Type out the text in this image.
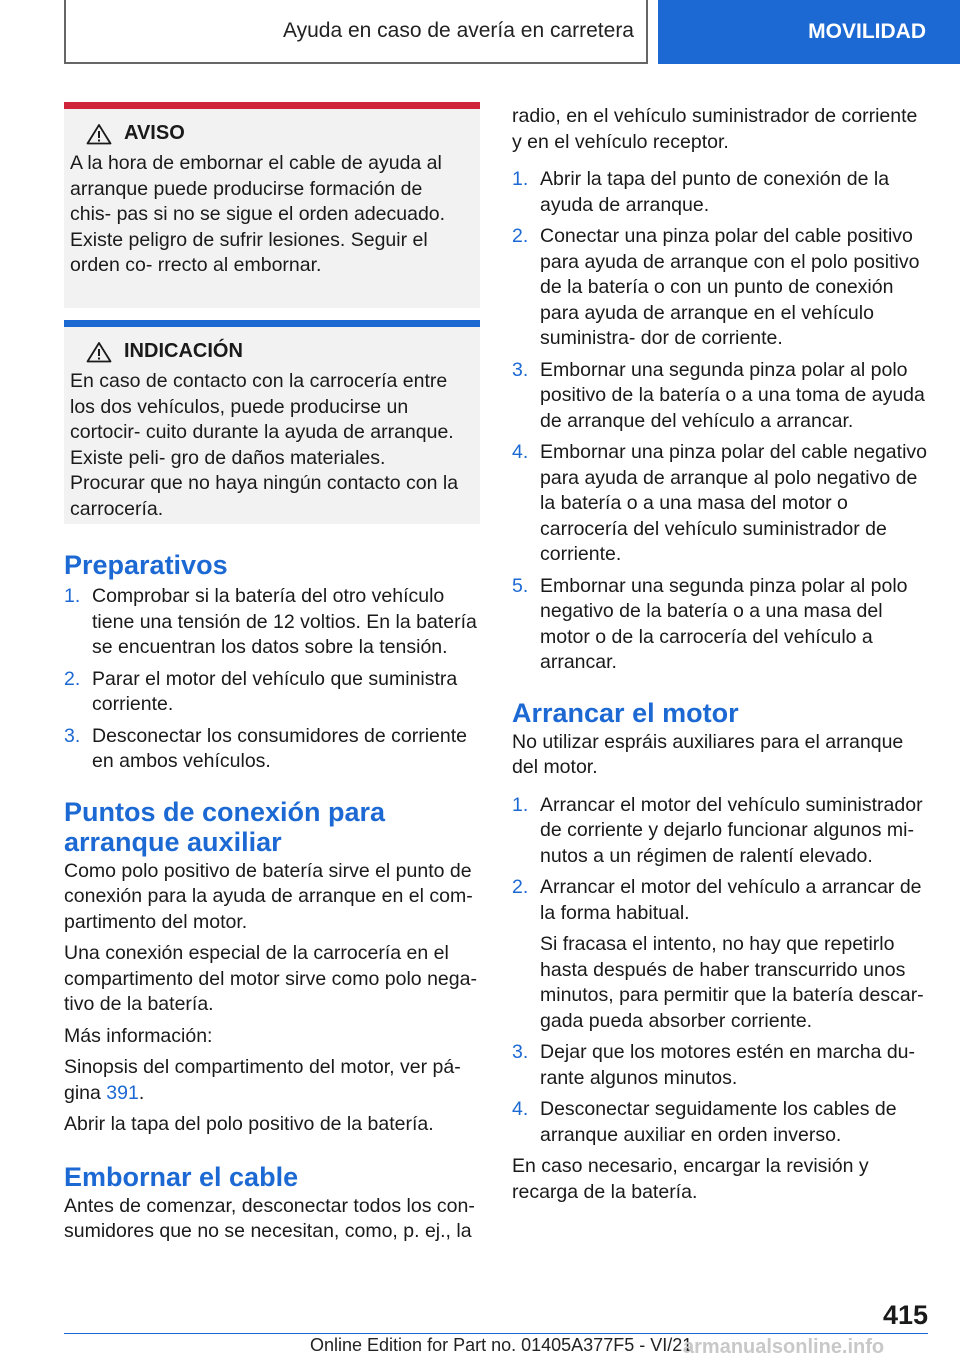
Ayuda en caso de avería en carretera	MOVILIDAD
AVISO
A la hora de embornar el cable de ayuda al arranque puede producirse formación de chis- pas si no se sigue el orden adecuado. Existe peligro de sufrir lesiones. Seguir el orden co- rrecto al embornar.
INDICACIÓN
En caso de contacto con la carrocería entre los dos vehículos, puede producirse un cortocir- cuito durante la ayuda de arranque. Existe peli- gro de daños materiales. Procurar que no haya ningún contacto con la carrocería.
Preparativos
1. Comprobar si la batería del otro vehículo tiene una tensión de 12 voltios. En la batería se encuentran los datos sobre la tensión.
2. Parar el motor del vehículo que suministra corriente.
3. Desconectar los consumidores de corriente en ambos vehículos.
Puntos de conexión para
arranque auxiliar
Como polo positivo de batería sirve el punto de conexión para la ayuda de arranque en el com- partimento del motor.
Una conexión especial de la carrocería en el compartimento del motor sirve como polo nega- tivo de la batería.
Más información:
Sinopsis del compartimento del motor, ver pá- gina 391.
Abrir la tapa del polo positivo de la batería.
Embornar el cable
Antes de comenzar, desconectar todos los con- sumidores que no se necesitan, como, p. ej., la
radio, en el vehículo suministrador de corriente y en el vehículo receptor.
1. Abrir la tapa del punto de conexión de la ayuda de arranque.
2. Conectar una pinza polar del cable positivo para ayuda de arranque con el polo positivo de la batería o con un punto de conexión para ayuda de arranque en el vehículo suministra- dor de corriente.
3. Embornar una segunda pinza polar al polo positivo de la batería o a una toma de ayuda de arranque del vehículo a arrancar.
4. Embornar una pinza polar del cable negativo para ayuda de arranque al polo negativo de la batería o a una masa del motor o carrocería del vehículo suministrador de corriente.
5. Embornar una segunda pinza polar al polo negativo de la batería o a una masa del motor o de la carrocería del vehículo a arrancar.
Arrancar el motor
No utilizar espráis auxiliares para el arranque del motor.
1. Arrancar el motor del vehículo suministrador de corriente y dejarlo funcionar algunos mi- nutos a un régimen de ralentí elevado.
2. Arrancar el motor del vehículo a arrancar de la forma habitual.
Si fracasa el intento, no hay que repetirlo hasta después de haber transcurrido unos minutos, para permitir que la batería descar- gada pueda absorber corriente.
3. Dejar que los motores estén en marcha du- rante algunos minutos.
4. Desconectar seguidamente los cables de arranque auxiliar en orden inverso.
En caso necesario, encargar la revisión y recarga de la batería.
415
Online Edition for Part no. 01405A377F5 - VI/21
armanualsonline.info
